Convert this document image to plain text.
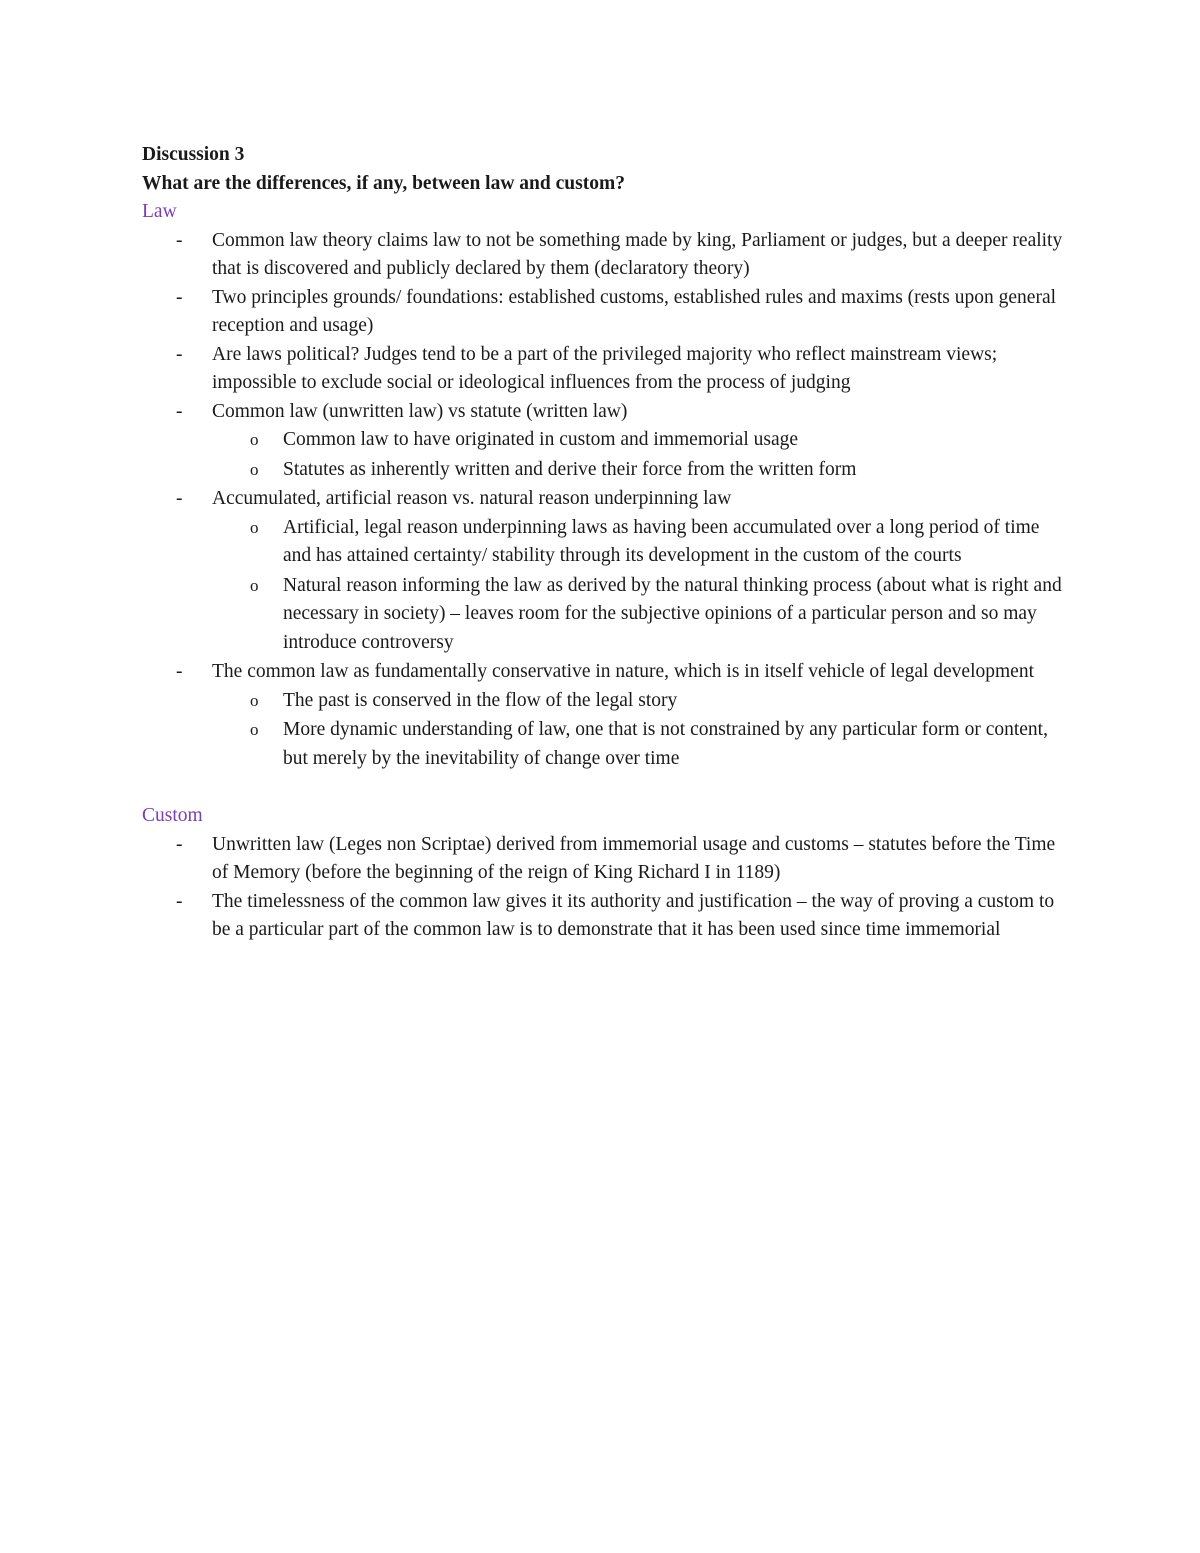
Discussion 3

What are the differences, if any, between law and custom?

Law

- Common law theory claims law to not be something made by king, Parliament or judges, but a deeper reality that is discovered and publicly declared by them (declaratory theory)
- Two principles grounds/ foundations: established customs, established rules and maxims (rests upon general reception and usage)
- Are laws political? Judges tend to be a part of the privileged majority who reflect mainstream views; impossible to exclude social or ideological influences from the process of judging
- Common law (unwritten law) vs statute (written law)
o Common law to have originated in custom and immemorial usage
o Statutes as inherently written and derive their force from the written form
- Accumulated, artificial reason vs. natural reason underpinning law
o Artificial, legal reason underpinning laws as having been accumulated over a long period of time and has attained certainty/ stability through its development in the custom of the courts
o Natural reason informing the law as derived by the natural thinking process (about what is right and necessary in society) – leaves room for the subjective opinions of a particular person and so may introduce controversy
- The common law as fundamentally conservative in nature, which is in itself vehicle of legal development
o The past is conserved in the flow of the legal story
o More dynamic understanding of law, one that is not constrained by any particular form or content, but merely by the inevitability of change over time

Custom

- Unwritten law (Leges non Scriptae) derived from immemorial usage and customs – statutes before the Time of Memory (before the beginning of the reign of King Richard I in 1189)
- The timelessness of the common law gives it its authority and justification – the way of proving a custom to be a particular part of the common law is to demonstrate that it has been used since time immemorial
